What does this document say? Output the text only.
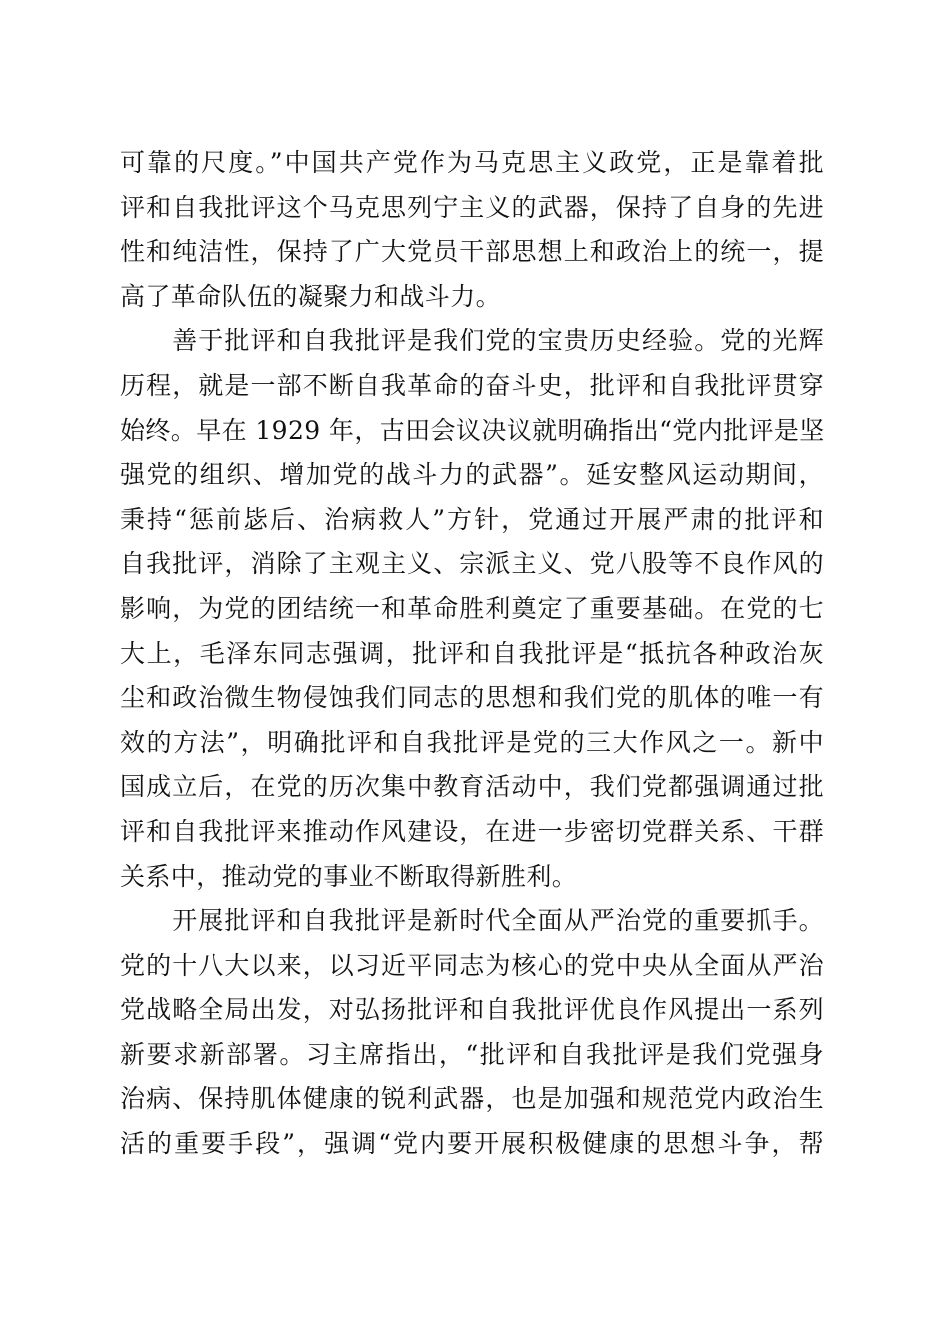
可靠的尺度。”中国共产党作为马克思主义政党，正是靠着批
评和自我批评这个马克思列宁主义的武器，保持了自身的先进
性和纯洁性，保持了广大党员干部思想上和政治上的统一，提
高了革命队伍的凝聚力和战斗力。
　　善于批评和自我批评是我们党的宝贵历史经验。党的光辉
历程，就是一部不断自我革命的奋斗史，批评和自我批评贯穿
始终。早在 1929 年，古田会议决议就明确指出“党内批评是坚
强党的组织、增加党的战斗力的武器”。延安整风运动期间，
秉持“惩前毖后、治病救人”方针，党通过开展严肃的批评和
自我批评，消除了主观主义、宗派主义、党八股等不良作风的
影响，为党的团结统一和革命胜利奠定了重要基础。在党的七
大上，毛泽东同志强调，批评和自我批评是“抵抗各种政治灰
尘和政治微生物侵蚀我们同志的思想和我们党的肌体的唯一有
效的方法”，明确批评和自我批评是党的三大作风之一。新中
国成立后，在党的历次集中教育活动中，我们党都强调通过批
评和自我批评来推动作风建设，在进一步密切党群关系、干群
关系中，推动党的事业不断取得新胜利。
　　开展批评和自我批评是新时代全面从严治党的重要抓手。
党的十八大以来，以习近平同志为核心的党中央从全面从严治
党战略全局出发，对弘扬批评和自我批评优良作风提出一系列
新要求新部署。习主席指出，“批评和自我批评是我们党强身
治病、保持肌体健康的锐利武器，也是加强和规范党内政治生
活的重要手段”，强调“党内要开展积极健康的思想斗争，帮
